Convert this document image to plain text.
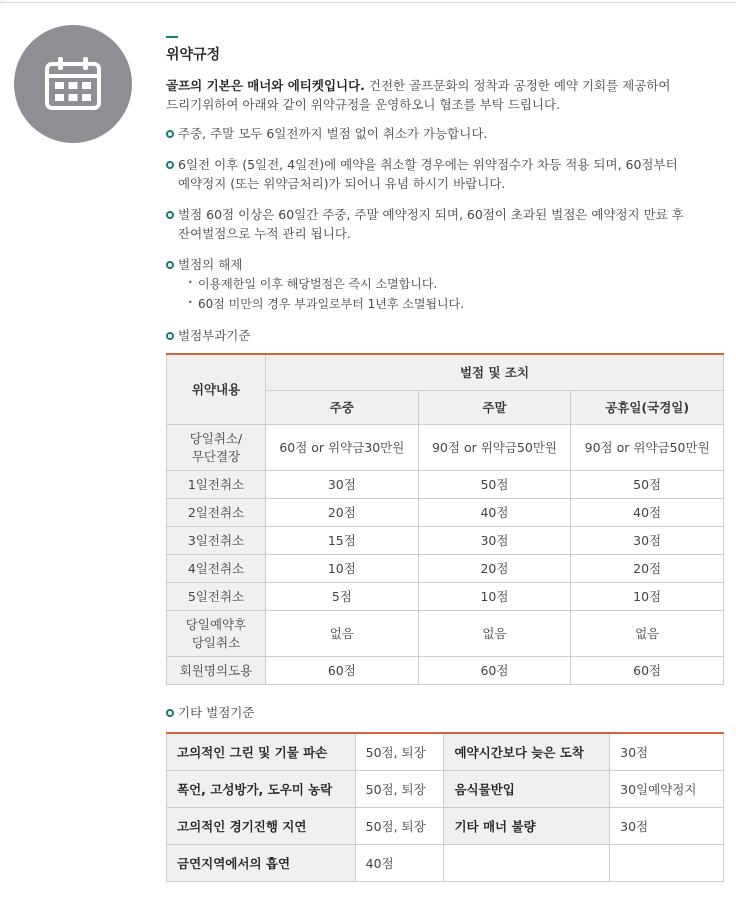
위약규정

골프의 기본은 매너와 에티켓입니다. 건전한 골프문화의 정착과 공정한 예약 기회를 제공하여
드리기위하여 아래와 같이 위약규정을 운영하오니 협조를 부탁 드립니다.

주중, 주말 모두 6일전까지 벌점 없이 취소가 가능합니다.
6일전 이후 (5일전, 4일전)에 예약을 취소할 경우에는 위약점수가 차등 적용 되며, 60점부터
예약정지 (또는 위약금처리)가 되어니 유념 하시기 바랍니다.
벌점 60점 이상은 60일간 주중, 주말 예약정지 되며, 60점이 초과된 벌점은 예약정지 만료 후
잔여벌점으로 누적 관리 됩니다.
벌점의 해제
· 이용제한일 이후 해당벌점은 즉시 소멸합니다.
· 60점 미만의 경우 부과일로부터 1년후 소멸됩니다.
벌점부과기준
위약내용	벌점 및 조치		
	주중	주말	공휴일(국경일)
당일취소/
무단결장	60점 or 위약금30만원	90점 or 위약금50만원	90점 or 위약금50만원
1일전취소	30점	50점	50점
2일전취소	20점	40점	40점
3일전취소	15점	30점	30점
4일전취소	10점	20점	20점
5일전취소	5점	10점	10점
당일예약후
당일취소	없음	없음	없음
회원명의도용	60점	60점	60점
기타 벌점기준
고의적인 그린 및 기물 파손	50점, 퇴장	예약시간보다 늦은 도착	30점
폭언, 고성방가, 도우미 농락	50점, 퇴장	음식물반입	30일예약정지
고의적인 경기진행 지연	50점, 퇴장	기타 매너 불량	30점
금연지역에서의 흡연	40점		
